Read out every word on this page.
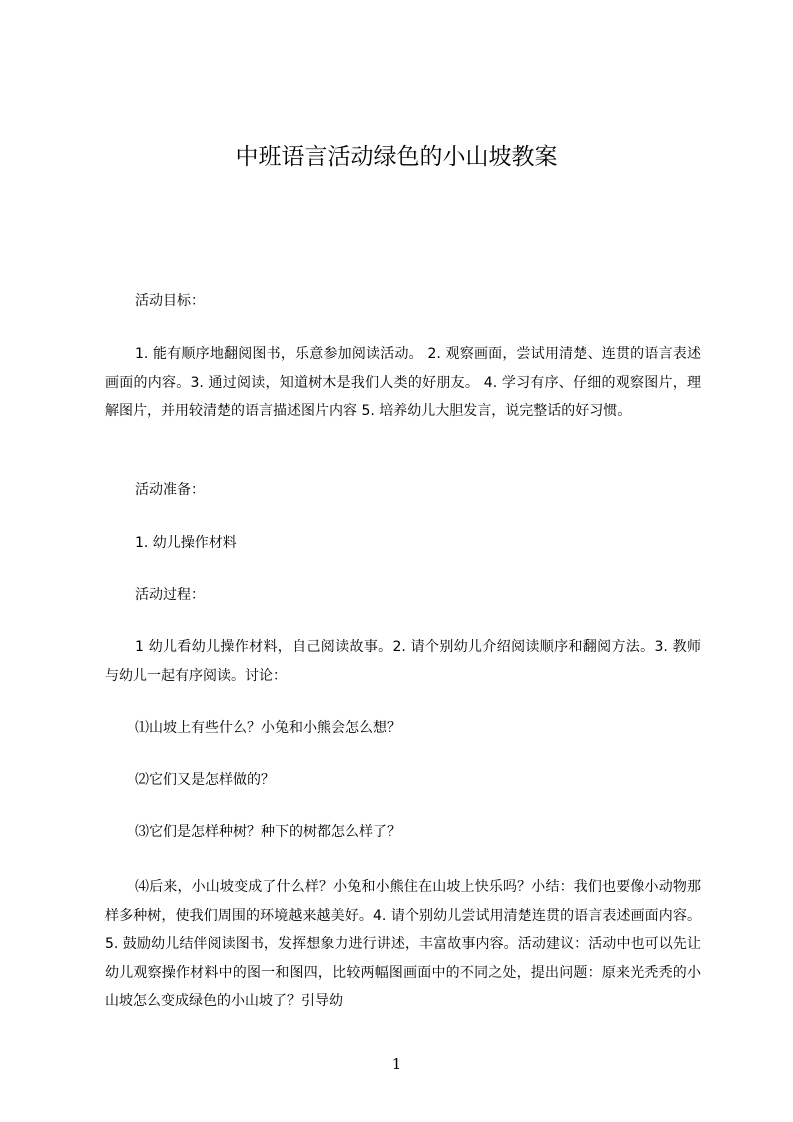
中班语言活动绿色的小山坡教案

活动目标：

1. 能有顺序地翻阅图书，乐意参加阅读活动。 2. 观察画面，尝试用清楚、连贯的语言表述画面的内容。3. 通过阅读，知道树木是我们人类的好朋友。 4. 学习有序、仔细的观察图片，理解图片，并用较清楚的语言描述图片内容 5. 培养幼儿大胆发言，说完整话的好习惯。

活动准备：

1. 幼儿操作材料

活动过程：

1 幼儿看幼儿操作材料，自己阅读故事。2. 请个别幼儿介绍阅读顺序和翻阅方法。3. 教师与幼儿一起有序阅读。讨论：

⑴山坡上有些什么？小兔和小熊会怎么想？

⑵它们又是怎样做的？

⑶它们是怎样种树？种下的树都怎么样了？

⑷后来，小山坡变成了什么样？小兔和小熊住在山坡上快乐吗？小结：我们也要像小动物那样多种树，使我们周围的环境越来越美好。4. 请个别幼儿尝试用清楚连贯的语言表述画面内容。5. 鼓励幼儿结伴阅读图书，发挥想象力进行讲述，丰富故事内容。活动建议：活动中也可以先让幼儿观察操作材料中的图一和图四，比较两幅图画面中的不同之处，提出问题：原来光秃秃的小山坡怎么变成绿色的小山坡了？引导幼

1
